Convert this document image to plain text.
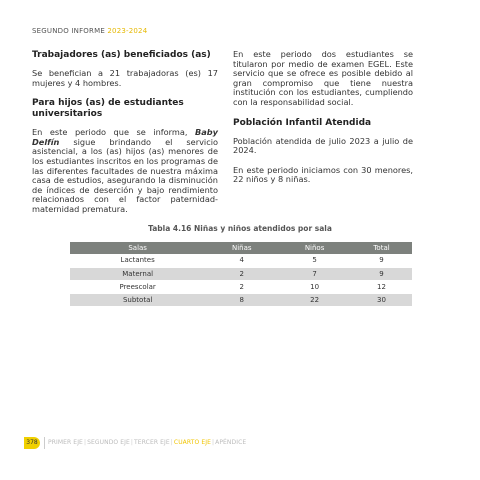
SEGUNDO INFORME 2023-2024
Trabajadores (as) beneficiados (as)

Se benefician a 21 trabajadoras (es) 17 mujeres y 4 hombres.

Para hijos (as) de estudiantes universitarios

En este periodo que se informa, Baby Delfín sigue brindando el servicio asistencial, a los (as) hijos (as) menores de los estudiantes inscritos en los programas de las diferentes facultades de nuestra máxima casa de estudios, asegurando la disminución de índices de deserción y bajo rendimiento relacionados con el factor paternidad-maternidad prematura.

En este periodo dos estudiantes se titularon por medio de examen EGEL. Este servicio que se ofrece es posible debido al gran compromiso que tiene nuestra institución con los estudiantes, cumpliendo con la responsabilidad social.

Población Infantil Atendida

Población atendida de julio 2023 a julio de 2024.

En este periodo iniciamos con 30 menores, 22 niños y 8 niñas.

Tabla 4.16 Niñas y niños atendidos por sala
Salas	Niñas	Niños	Total
Lactantes	4	5	9
Maternal	2	7	9
Preescolar	2	10	12
Subtotal	8	22	30
378	PRIMER EJE|SEGUNDO EJE|TERCER EJE|CUARTO EJE|APÉNDICE
